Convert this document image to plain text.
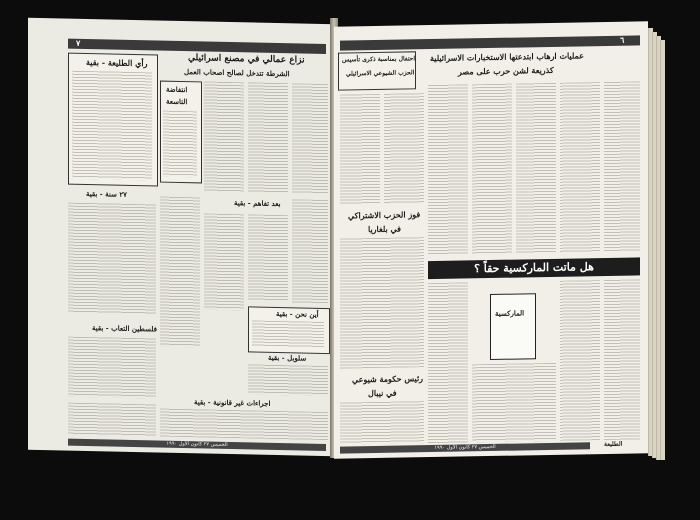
٧
رأي الطليعة - بقية	نزاع عمالي في مصنع اسرائيلي
الشرطة تتدخل لصالح اصحاب العمل
انتفاضة
التاسعة
٢٧ سنة - بقية
بعد تفاهم - بقية
أين نحن - بقية
سلوبل - بقية
فلسطين التعاب - بقية
اجراءات غير قانونية - بقية
الخميس ٢٧ كانون الأول ١٩٩٠
٦
عمليات ارهاب ابتدعتها الاستخبارات الاسرائيلية
كذريعة لشن حرب على مصر
احتفال بمناسبة ذكرى تأسيس
الحزب الشيوعي الاسرائيلي
فوز الحزب الاشتراكي
في بلغاريا
هل ماتت الماركسية حقاً ؟
الماركسية
رئيس حكومة شيوعي
في نيبال
الخميس ٢٧ كانون الأول ١٩٩٠	الطليعة
